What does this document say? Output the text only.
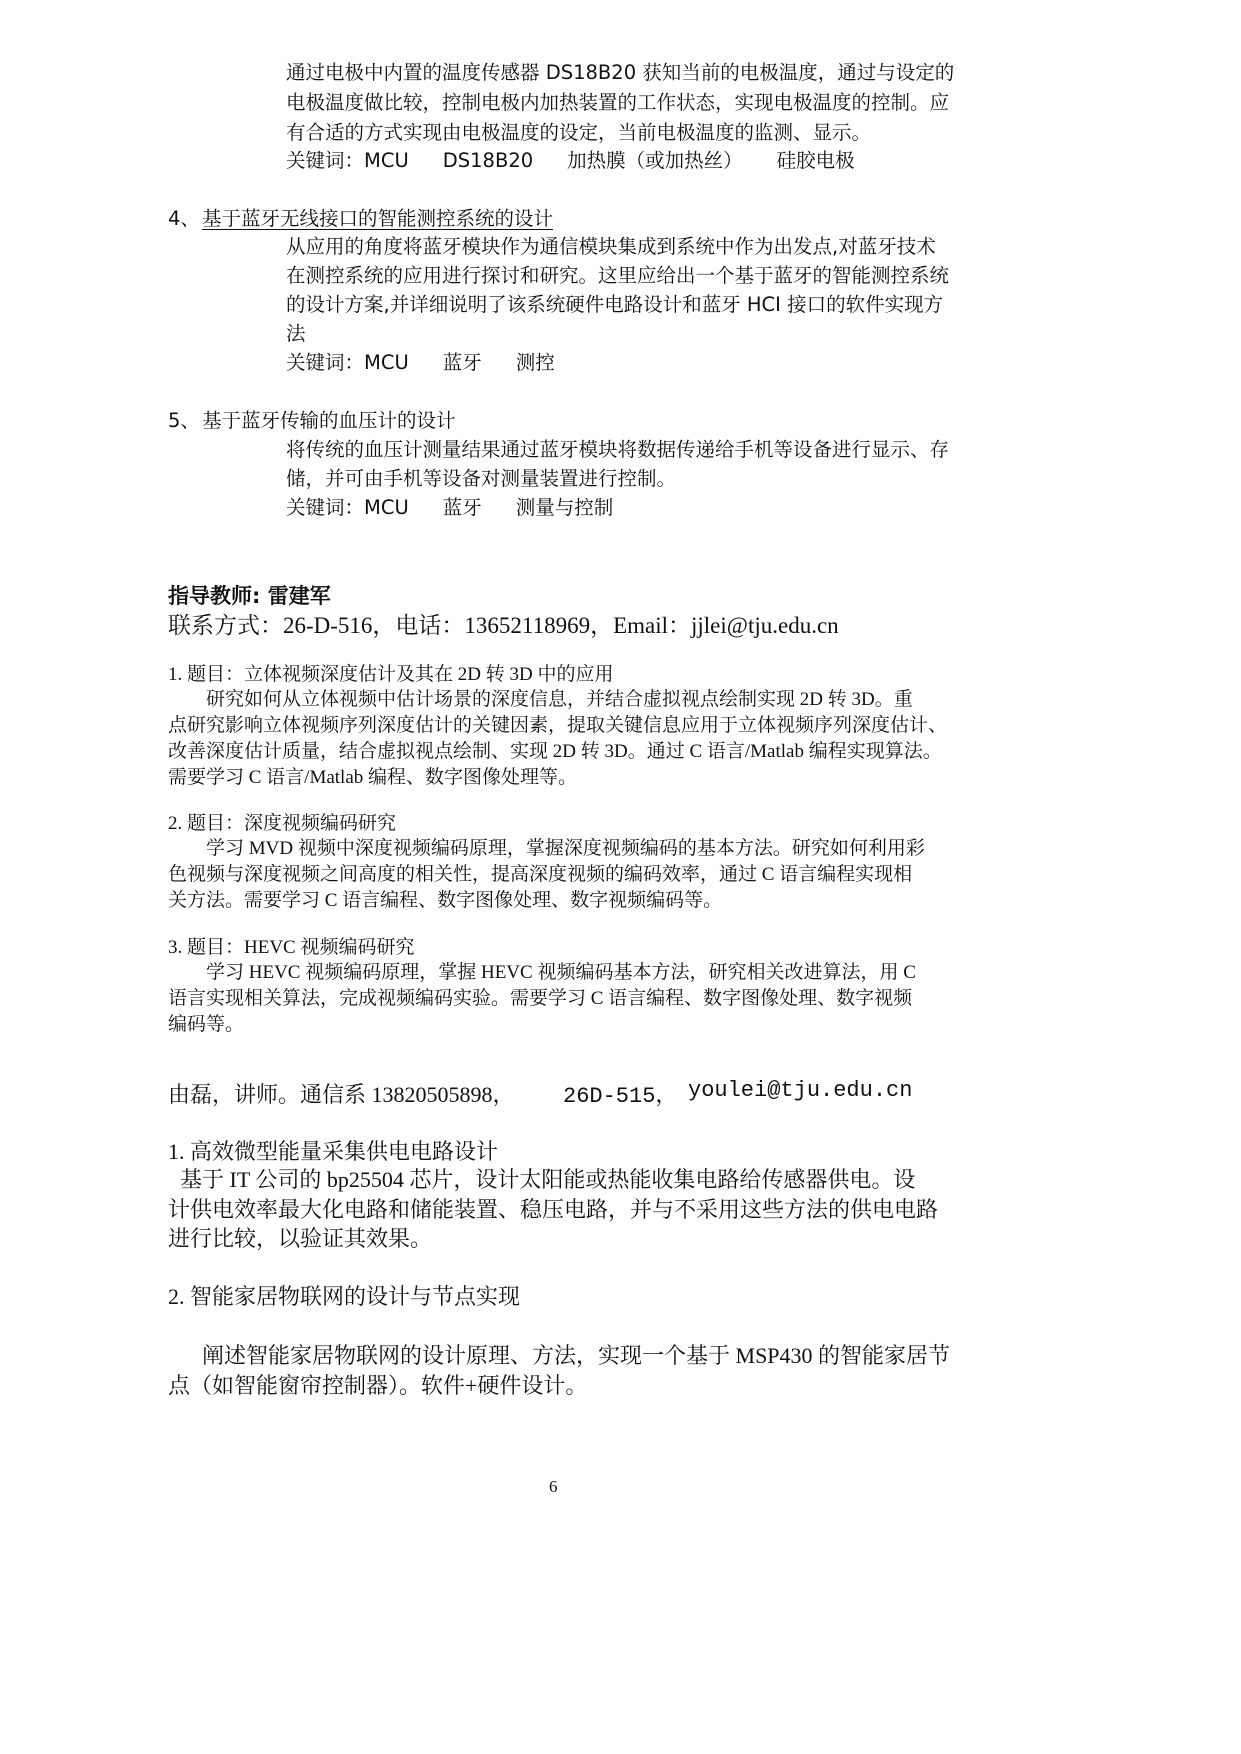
通过电极中内置的温度传感器 DS18B20 获知当前的电极温度，通过与设定的
电极温度做比较，控制电极内加热装置的工作状态，实现电极温度的控制。应
有合适的方式实现由电极温度的设定，当前电极温度的监测、显示。
关键词：MCU DS18B20 加热膜（或加热丝） 硅胶电极
4、 基于蓝牙无线接口的智能测控系统的设计
从应用的角度将蓝牙模块作为通信模块集成到系统中作为出发点,对蓝牙技术
在测控系统的应用进行探讨和研究。这里应给出一个基于蓝牙的智能测控系统
的设计方案,并详细说明了该系统硬件电路设计和蓝牙 HCI 接口的软件实现方
法
关键词：MCU 蓝牙 测控
5、 基于蓝牙传输的血压计的设计
将传统的血压计测量结果通过蓝牙模块将数据传递给手机等设备进行显示、存
储，并可由手机等设备对测量装置进行控制。
关键词：MCU 蓝牙 测量与控制
指导教师: 雷建军
联系方式：26-D-516，电话：13652118969，Email：jjlei@tju.edu.cn
1. 题目：立体视频深度估计及其在 2D 转 3D 中的应用
研究如何从立体视频中估计场景的深度信息，并结合虚拟视点绘制实现 2D 转 3D。重
点研究影响立体视频序列深度估计的关键因素，提取关键信息应用于立体视频序列深度估计、
改善深度估计质量，结合虚拟视点绘制、实现 2D 转 3D。通过 C 语言/Matlab 编程实现算法。
需要学习 C 语言/Matlab 编程、数字图像处理等。
2. 题目：深度视频编码研究
学习 MVD 视频中深度视频编码原理，掌握深度视频编码的基本方法。研究如何利用彩
色视频与深度视频之间高度的相关性，提高深度视频的编码效率，通过 C 语言编程实现相
关方法。需要学习 C 语言编程、数字图像处理、数字视频编码等。
3. 题目：HEVC 视频编码研究
学习 HEVC 视频编码原理，掌握 HEVC 视频编码基本方法，研究相关改进算法，用 C
语言实现相关算法，完成视频编码实验。需要学习 C 语言编程、数字图像处理、数字视频
编码等。
由磊，讲师。通信系 13820505898， 26D-515， youlei@tju.edu.cn
1. 高效微型能量采集供电电路设计
基于 IT 公司的 bp25504 芯片，设计太阳能或热能收集电路给传感器供电。设
计供电效率最大化电路和储能装置、稳压电路，并与不采用这些方法的供电电路
进行比较，以验证其效果。
2. 智能家居物联网的设计与节点实现
阐述智能家居物联网的设计原理、方法，实现一个基于 MSP430 的智能家居节
点（如智能窗帘控制器）。软件+硬件设计。
6
